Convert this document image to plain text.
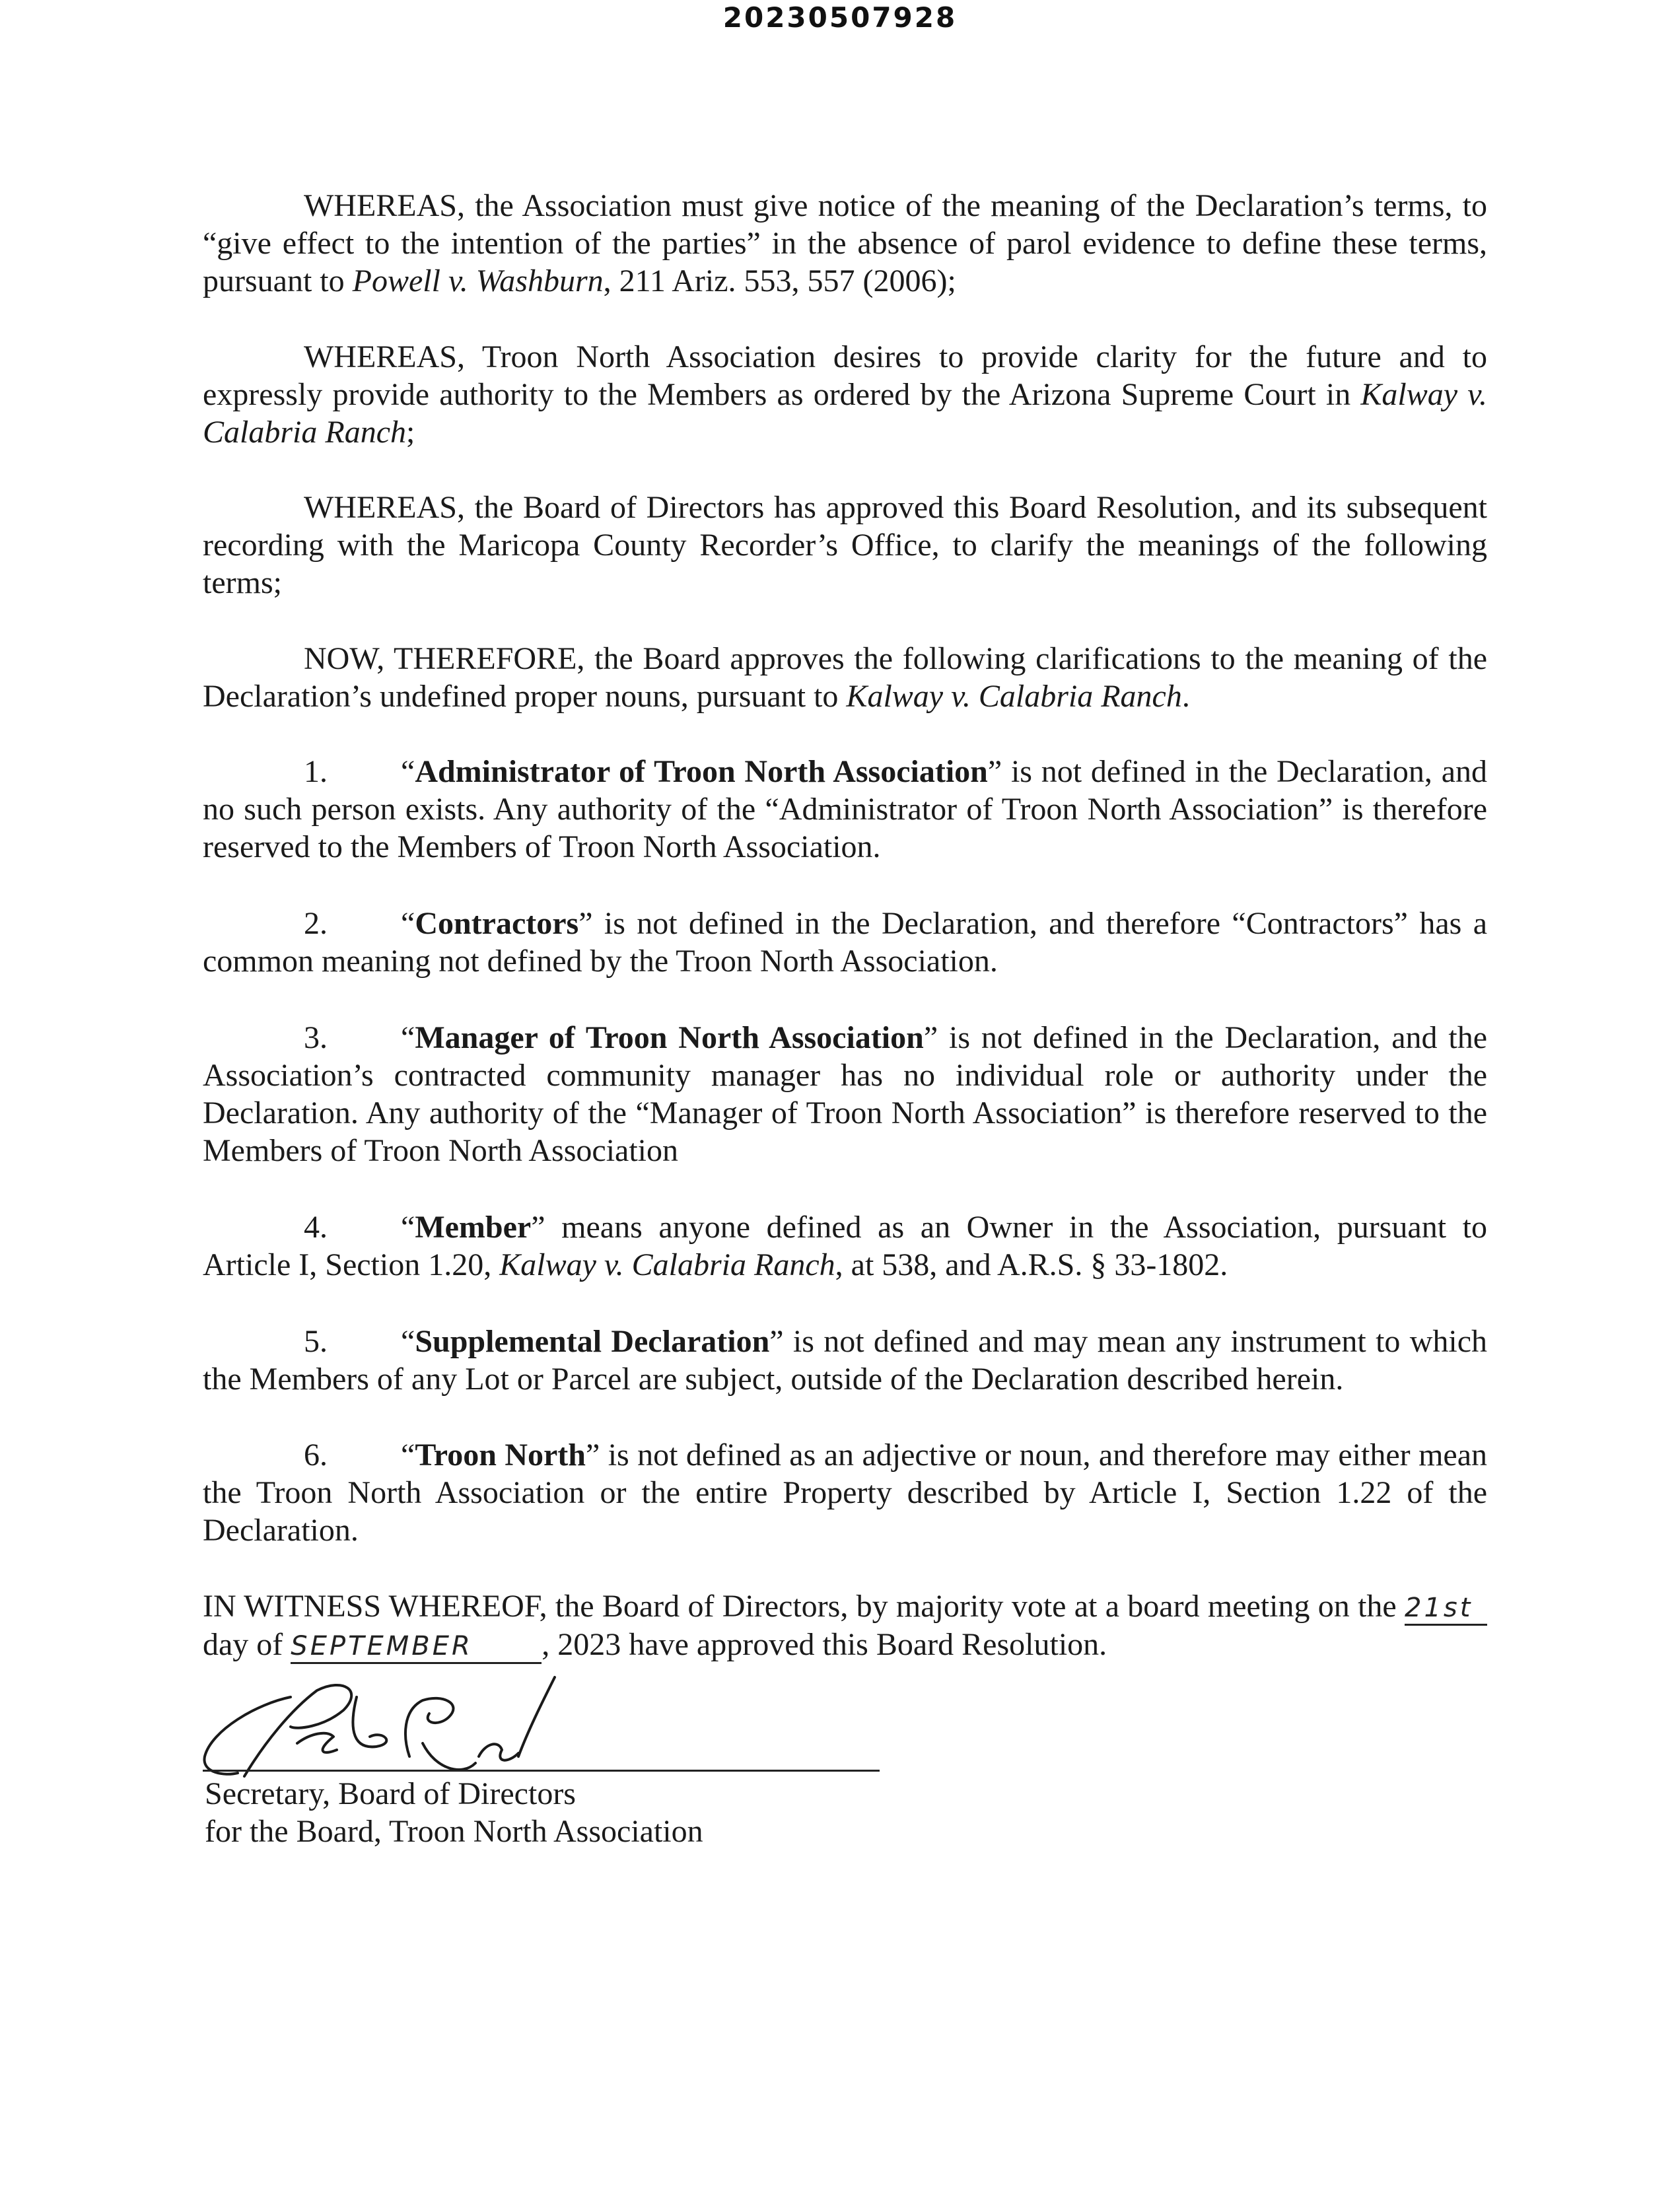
20230507928
WHEREAS, the Association must give notice of the meaning of the Declaration’s terms, to “give effect to the intention of the parties” in the absence of parol evidence to define these terms, pursuant to Powell v. Washburn, 211 Ariz. 553, 557 (2006);
WHEREAS, Troon North Association desires to provide clarity for the future and to expressly provide authority to the Members as ordered by the Arizona Supreme Court in Kalway v. Calabria Ranch;
WHEREAS, the Board of Directors has approved this Board Resolution, and its subsequent recording with the Maricopa County Recorder’s Office, to clarify the meanings of the following terms;
NOW, THEREFORE, the Board approves the following clarifications to the meaning of the Declaration’s undefined proper nouns, pursuant to Kalway v. Calabria Ranch.
1. “Administrator of Troon North Association” is not defined in the Declaration, and no such person exists. Any authority of the “Administrator of Troon North Association” is therefore reserved to the Members of Troon North Association.
2. “Contractors” is not defined in the Declaration, and therefore “Contractors” has a common meaning not defined by the Troon North Association.
3. “Manager of Troon North Association” is not defined in the Declaration, and the Association’s contracted community manager has no individual role or authority under the Declaration. Any authority of the “Manager of Troon North Association” is therefore reserved to the Members of Troon North Association
4. “Member” means anyone defined as an Owner in the Association, pursuant to Article I, Section 1.20, Kalway v. Calabria Ranch, at 538, and A.R.S. § 33-1802.
5. “Supplemental Declaration” is not defined and may mean any instrument to which the Members of any Lot or Parcel are subject, outside of the Declaration described herein.
6. “Troon North” is not defined as an adjective or noun, and therefore may either mean the Troon North Association or the entire Property described by Article I, Section 1.22 of the Declaration.
IN WITNESS WHEREOF, the Board of Directors, by majority vote at a board meeting on the 21st day of SEPTEMBER , 2023 have approved this Board Resolution.
Secretary, Board of Directors
for the Board, Troon North Association
